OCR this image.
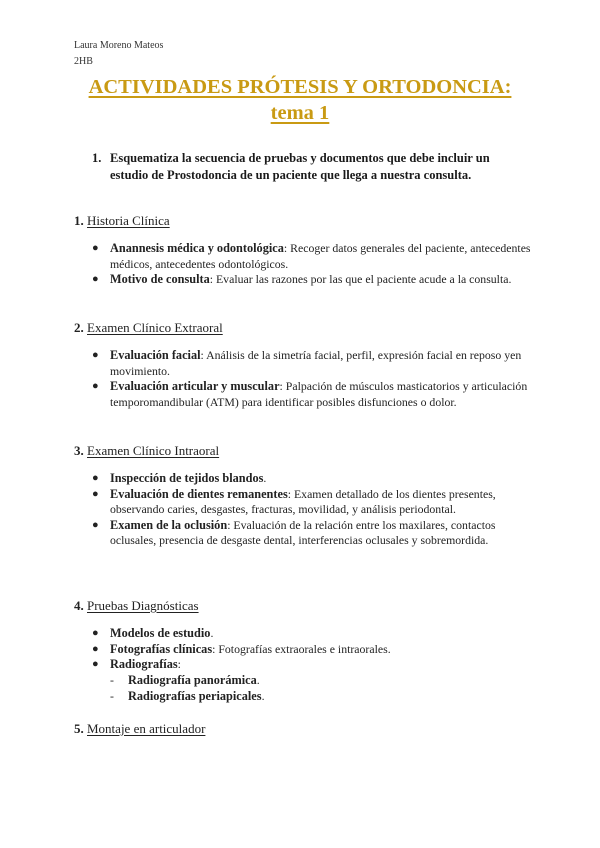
Laura Moreno Mateos
2HB
ACTIVIDADES PRÓTESIS Y ORTODONCIA:
tema 1
1. Esquematiza la secuencia de pruebas y documentos que debe incluir un estudio de Prostodoncia de un paciente que llega a nuestra consulta.
1. Historia Clínica
● Anannesis médica y odontológica: Recoger datos generales del paciente, antecedentes médicos, antecedentes odontológicos.
● Motivo de consulta: Evaluar las razones por las que el paciente acude a la consulta.
2. Examen Clínico Extraoral
● Evaluación facial: Análisis de la simetría facial, perfil, expresión facial en reposo yen movimiento.
● Evaluación articular y muscular: Palpación de músculos masticatorios y articulación temporomandibular (ATM) para identificar posibles disfunciones o dolor.
3. Examen Clínico Intraoral
● Inspección de tejidos blandos.
● Evaluación de dientes remanentes: Examen detallado de los dientes presentes, observando caries, desgastes, fracturas, movilidad, y análisis periodontal.
● Examen de la oclusión: Evaluación de la relación entre los maxilares, contactos oclusales, presencia de desgaste dental, interferencias oclusales y sobremordida.
4. Pruebas Diagnósticas
● Modelos de estudio.
● Fotografías clínicas: Fotografías extraorales e intraorales.
● Radiografías:
- Radiografía panorámica.
- Radiografías periapicales.
5. Montaje en articulador
